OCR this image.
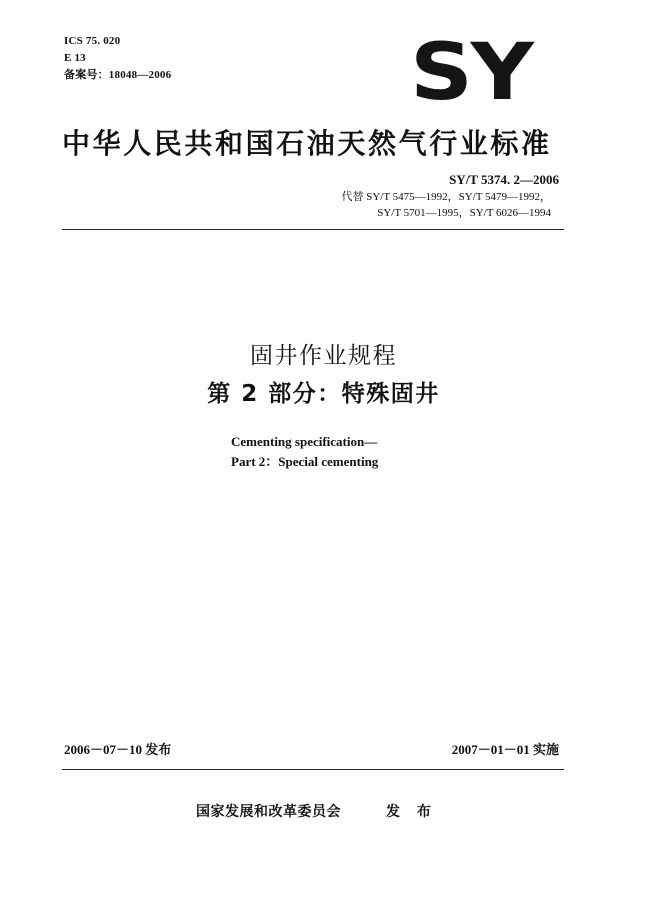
ICS 75. 020
E 13
备案号：18048—2006	SY
中华人民共和国石油天然气行业标准
SY/T 5374. 2—2006
代替 SY/T 5475—1992，SY/T 5479—1992，
SY/T 5701—1995，SY/T 6026—1994
固井作业规程
第 2 部分：特殊固井
Cementing specification—
Part 2：Special cementing
2006－07－10 发布	2007－01－01 实施
国家发展和改革委员会	发 布
